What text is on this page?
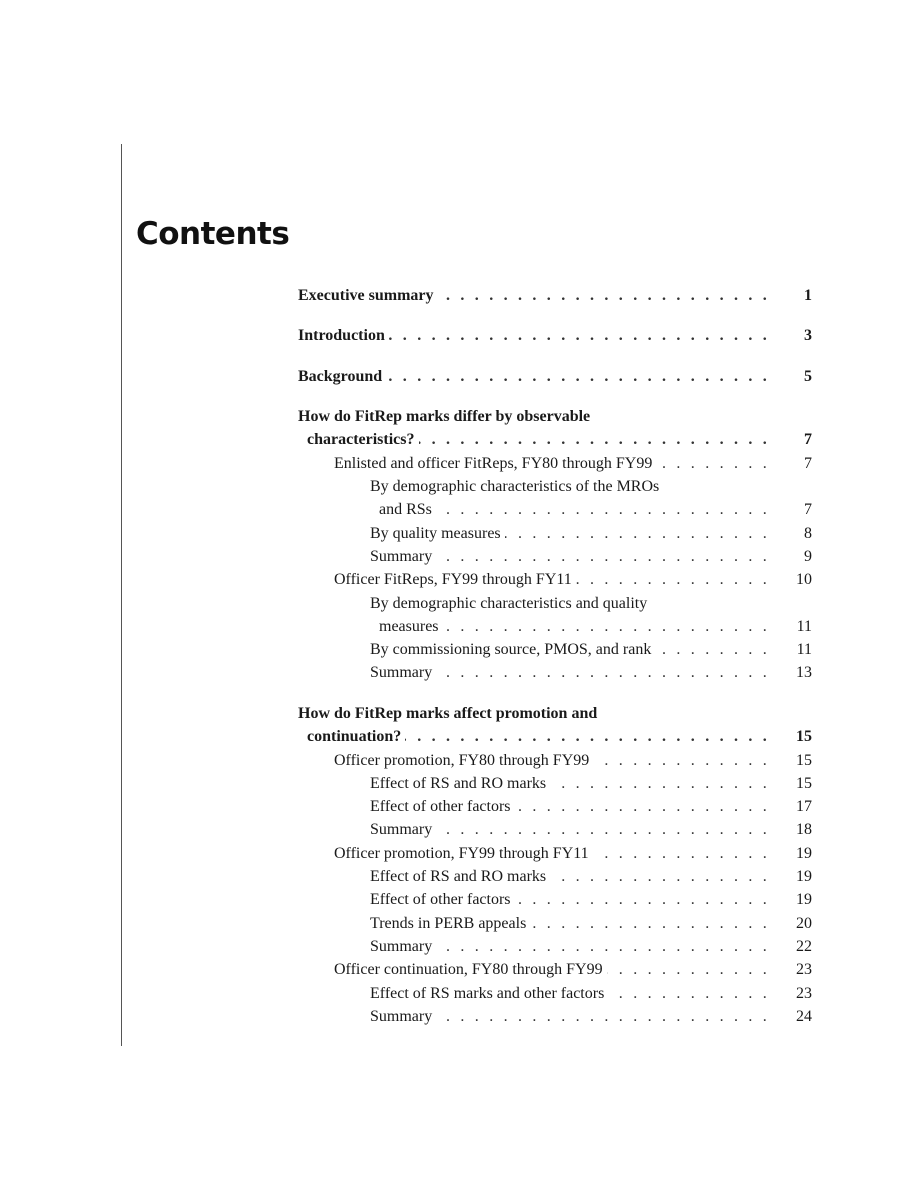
Contents
. . .
Executive summary	1
. . .
Introduction	3
. . .
Background	5
How do FitRep marks differ by observable
. . .
characteristics?	7
. . .
Enlisted and officer FitReps, FY80 through FY99	7
By demographic characteristics of the MROs
. . .
and RSs	7
. . .
By quality measures	8
. . .
Summary	9
. . .
Officer FitReps, FY99 through FY11	10
By demographic characteristics and quality
. . .
measures	11
. . .
By commissioning source, PMOS, and rank	11
. . .
Summary	13
How do FitRep marks affect promotion and
. . .
continuation?	15
. . .
Officer promotion, FY80 through FY99	15
. . .
Effect of RS and RO marks	15
. . .
Effect of other factors	17
. . .
Summary	18
. . .
Officer promotion, FY99 through FY11	19
. . .
Effect of RS and RO marks	19
. . .
Effect of other factors	19
. . .
Trends in PERB appeals	20
. . .
Summary	22
. . .
Officer continuation, FY80 through FY99	23
. . .
Effect of RS marks and other factors	23
. . .
Summary	24
